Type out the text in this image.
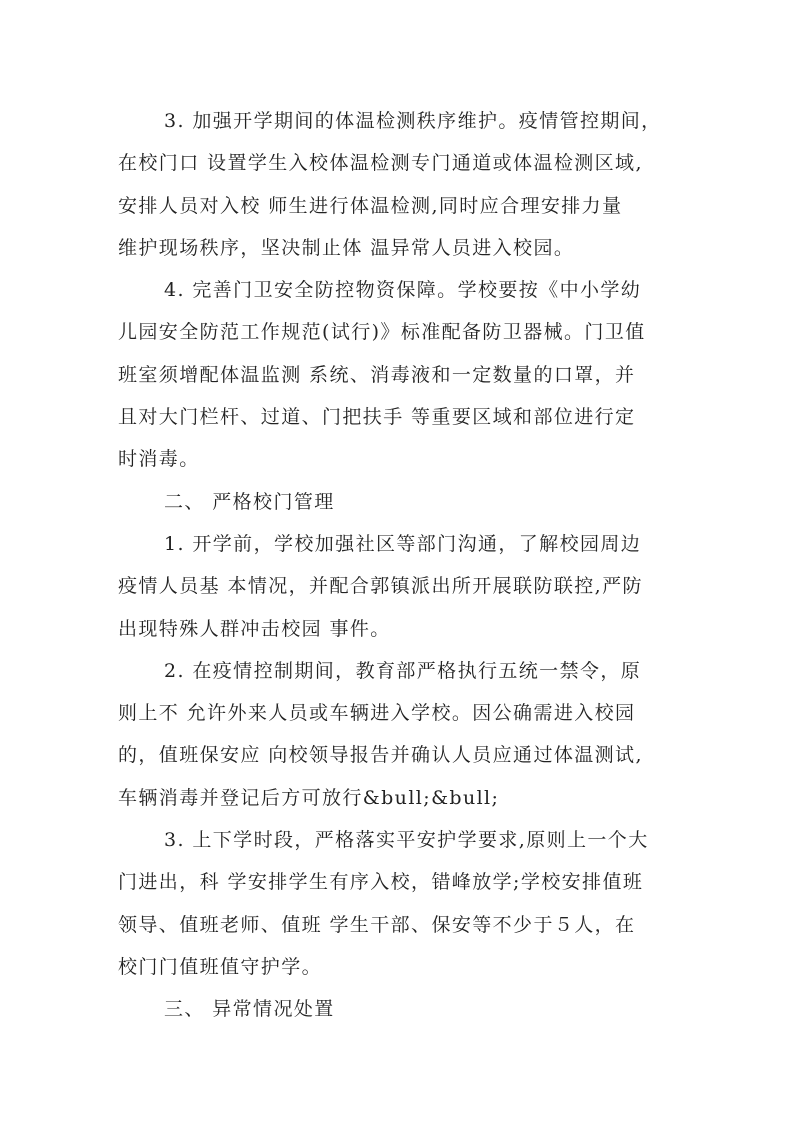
3. 加强开学期间的体温检测秩序维护。疫情管控期间，
在校门口 设置学生入校体温检测专门通道或体温检测区域,
安排人员对入校 师生进行体温检测,同时应合理安排力量
维护现场秩序，坚决制止体 温异常人员进入校园。
4. 完善门卫安全防控物资保障。学校要按《中小学幼
儿园安全防范工作规范(试行)》标准配备防卫器械。门卫值
班室须增配体温监测 系统、消毒液和一定数量的口罩，并
且对大门栏杆、过道、门把扶手 等重要区域和部位进行定
时消毒。
二、 严格校门管理
1. 开学前，学校加强社区等部门沟通，了解校园周边
疫情人员基 本情况，并配合郭镇派出所开展联防联控,严防
出现特殊人群冲击校园 事件。
2. 在疫情控制期间，教育部严格执行五统一禁令，原
则上不 允许外来人员或车辆进入学校。因公确需进入校园
的，值班保安应 向校领导报告并确认人员应通过体温测试,
车辆消毒并登记后方可放行&bull;&bull;
3. 上下学时段，严格落实平安护学要求,原则上一个大
门进出，科 学安排学生有序入校，错峰放学;学校安排值班
领导、值班老师、值班 学生干部、保安等不少于５人，在
校门门值班值守护学。
三、 异常情况处置
